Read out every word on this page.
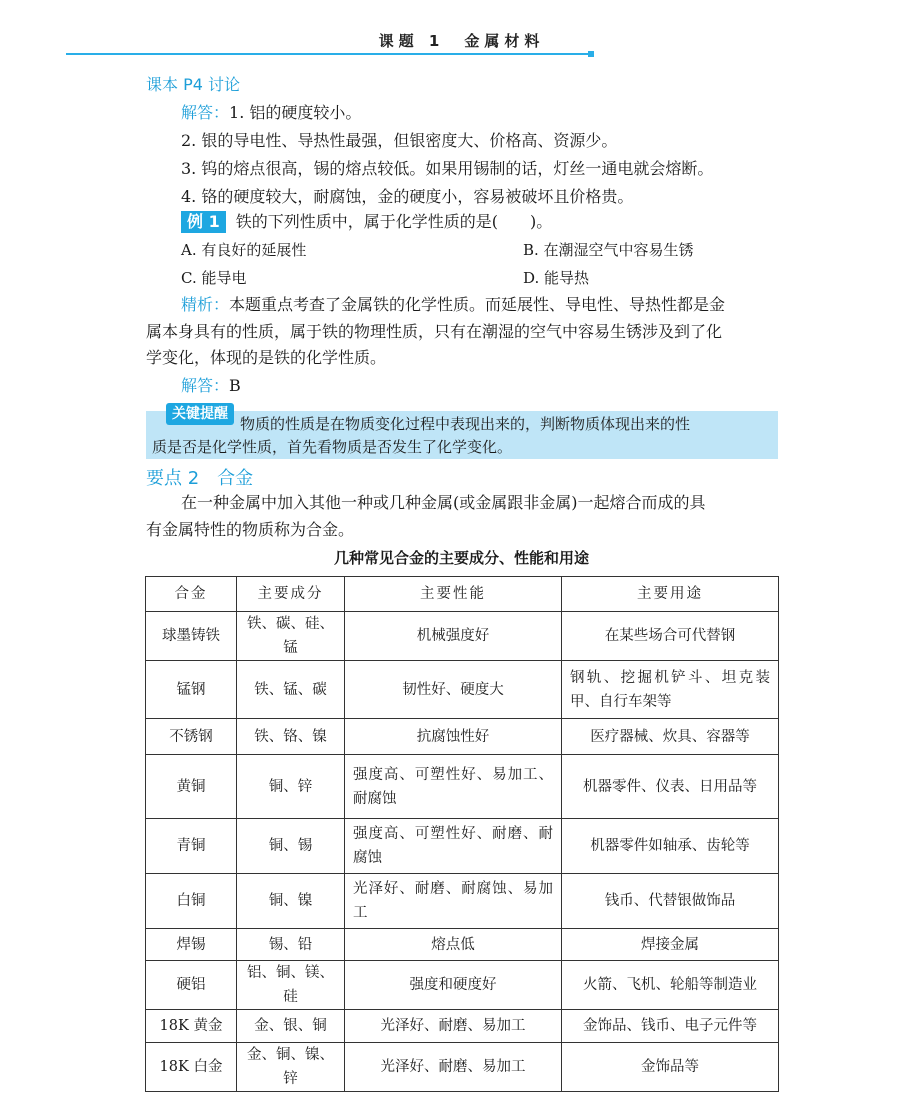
课题 1　金属材料
课本 P4 讨论
解答：1. 铝的硬度较小。
2. 银的导电性、导热性最强，但银密度大、价格高、资源少。
3. 钨的熔点很高，锡的熔点较低。如果用锡制的话，灯丝一通电就会熔断。
4. 铬的硬度较大，耐腐蚀，金的硬度小，容易被破坏且价格贵。
例 1 铁的下列性质中，属于化学性质的是(　　)。
A. 有良好的延展性	B. 在潮湿空气中容易生锈
C. 能导电	D. 能导热
精析：本题重点考查了金属铁的化学性质。而延展性、导电性、导热性都是金
属本身具有的性质，属于铁的物理性质，只有在潮湿的空气中容易生锈涉及到了化
学变化，体现的是铁的化学性质。
解答：B
关键提醒
物质的性质是在物质变化过程中表现出来的，判断物质体现出来的性
质是否是化学性质，首先看物质是否发生了化学变化。
要点 2　合金
在一种金属中加入其他一种或几种金属(或金属跟非金属)一起熔合而成的具
有金属特性的物质称为合金。
几种常见合金的主要成分、性能和用途
合金	主要成分	主要性能	主要用途
球墨铸铁	铁、碳、硅、锰	机械强度好	在某些场合可代替钢
锰钢	铁、锰、碳	韧性好、硬度大	钢轨、挖掘机铲斗、坦克装甲、自行车架等
不锈钢	铁、铬、镍	抗腐蚀性好	医疗器械、炊具、容器等
黄铜	铜、锌	强度高、可塑性好、易加工、耐腐蚀	机器零件、仪表、日用品等
青铜	铜、锡	强度高、可塑性好、耐磨、耐腐蚀	机器零件如轴承、齿轮等
白铜	铜、镍	光泽好、耐磨、耐腐蚀、易加工	钱币、代替银做饰品
焊锡	锡、铅	熔点低	焊接金属
硬铝	铝、铜、镁、硅	强度和硬度好	火箭、飞机、轮船等制造业
18K 黄金	金、银、铜	光泽好、耐磨、易加工	金饰品、钱币、电子元件等
18K 白金	金、铜、镍、锌	光泽好、耐磨、易加工	金饰品等
